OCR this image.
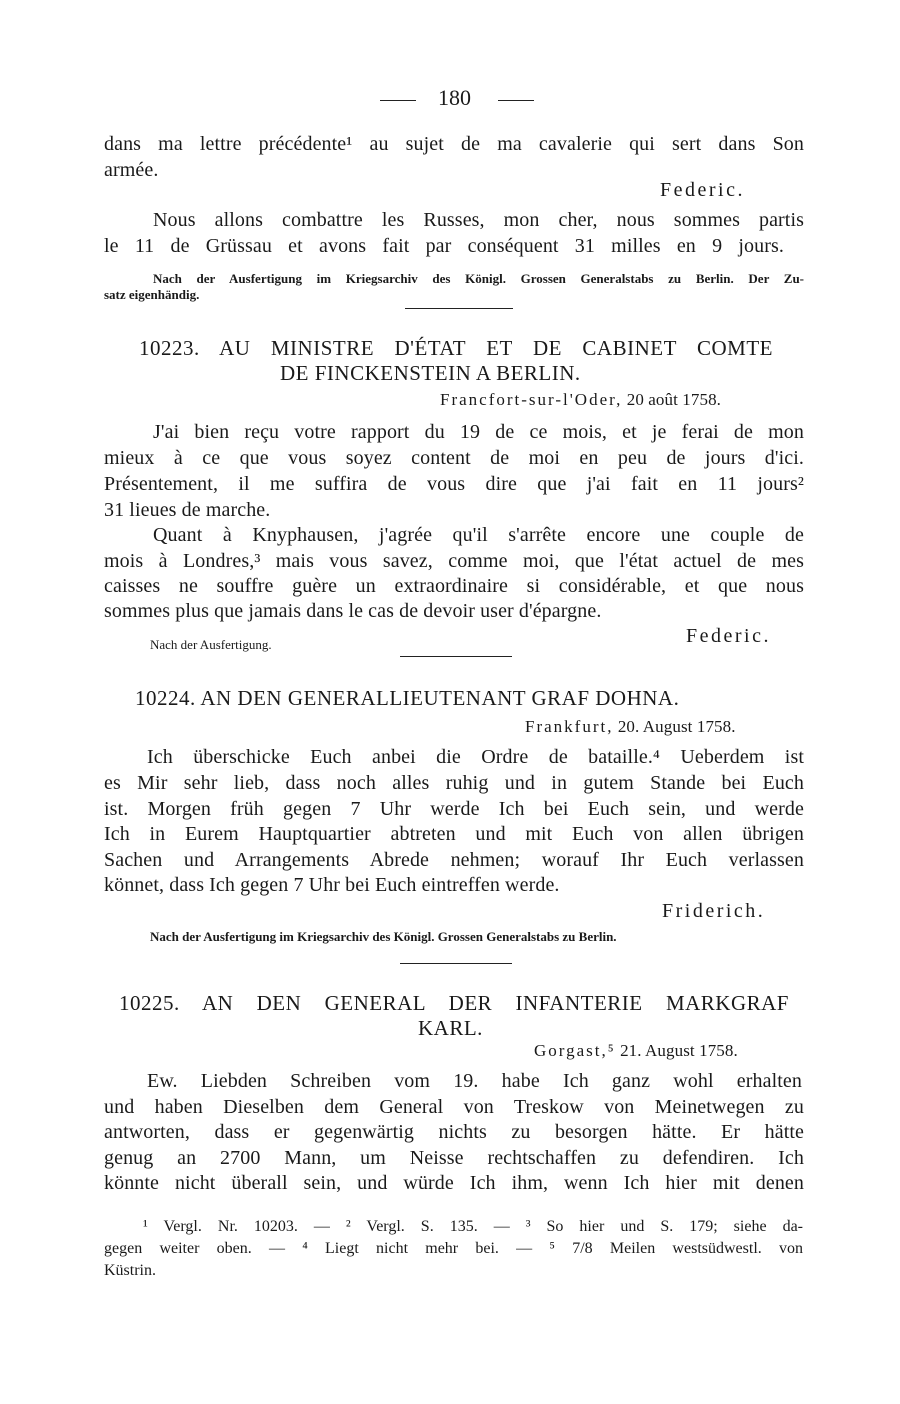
180
dans ma lettre précédente¹ au sujet de ma cavalerie qui sert dans Son
armée.
Federic.
Nous allons combattre les Russes, mon cher, nous sommes partis
le 11 de Grüssau et avons fait par conséquent 31 milles en 9 jours.
Nach der Ausfertigung im Kriegsarchiv des Königl. Grossen Generalstabs zu Berlin. Der Zu-
satz eigenhändig.
10223. AU MINISTRE D'ÉTAT ET DE CABINET COMTE
DE FINCKENSTEIN A BERLIN.
Francfort-sur-l'Oder, 20 août 1758.
J'ai bien reçu votre rapport du 19 de ce mois, et je ferai de mon
mieux à ce que vous soyez content de moi en peu de jours d'ici.
Présentement, il me suffira de vous dire que j'ai fait en 11 jours²
31 lieues de marche.
Quant à Knyphausen, j'agrée qu'il s'arrête encore une couple de
mois à Londres,³ mais vous savez, comme moi, que l'état actuel de mes
caisses ne souffre guère un extraordinaire si considérable, et que nous
sommes plus que jamais dans le cas de devoir user d'épargne.
Nach der Ausfertigung.	Federic.
10224. AN DEN GENERALLIEUTENANT GRAF DOHNA.
Frankfurt, 20. August 1758.
Ich überschicke Euch anbei die Ordre de bataille.⁴ Ueberdem ist
es Mir sehr lieb, dass noch alles ruhig und in gutem Stande bei Euch
ist. Morgen früh gegen 7 Uhr werde Ich bei Euch sein, und werde
Ich in Eurem Hauptquartier abtreten und mit Euch von allen übrigen
Sachen und Arrangements Abrede nehmen; worauf Ihr Euch verlassen
könnet, dass Ich gegen 7 Uhr bei Euch eintreffen werde.
Friderich.
Nach der Ausfertigung im Kriegsarchiv des Königl. Grossen Generalstabs zu Berlin.
10225. AN DEN GENERAL DER INFANTERIE MARKGRAF
KARL.
Gorgast,⁵ 21. August 1758.
Ew. Liebden Schreiben vom 19. habe Ich ganz wohl erhalten
und haben Dieselben dem General von Treskow von Meinetwegen zu
antworten, dass er gegenwärtig nichts zu besorgen hätte. Er hätte
genug an 2700 Mann, um Neisse rechtschaffen zu defendiren. Ich
könnte nicht überall sein, und würde Ich ihm, wenn Ich hier mit denen
¹ Vergl. Nr. 10203. — ² Vergl. S. 135. — ³ So hier und S. 179; siehe da-
gegen weiter oben. — ⁴ Liegt nicht mehr bei. — ⁵ 7/8 Meilen westsüdwestl. von
Küstrin.
